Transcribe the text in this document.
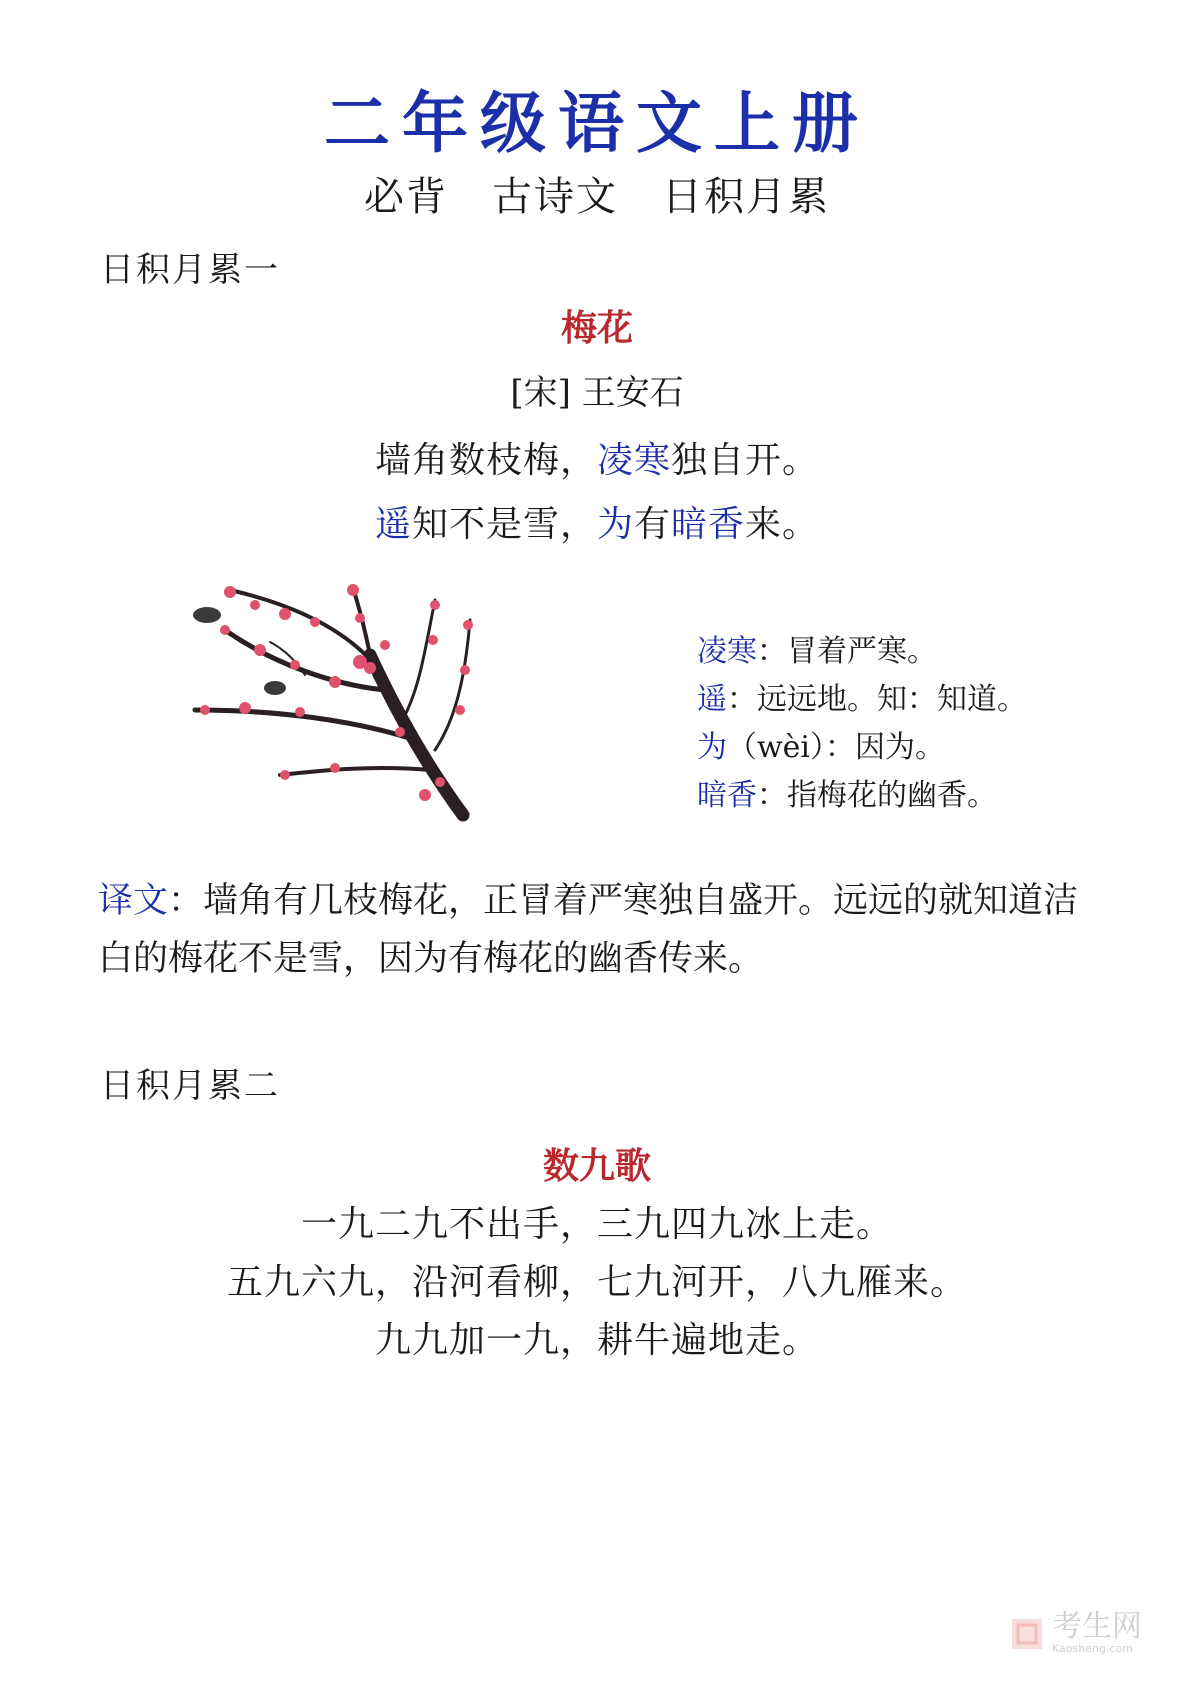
二年级语文上册
必背 古诗文 日积月累
日积月累一
梅花
[宋] 王安石
墙角数枝梅，凌寒独自开。
遥知不是雪，为有暗香来。
凌寒：冒着严寒。
遥：远远地。知：知道。
为（wèi）：因为。
暗香：指梅花的幽香。
译文：墙角有几枝梅花，正冒着严寒独自盛开。远远的就知道洁白的梅花不是雪，因为有梅花的幽香传来。
日积月累二
数九歌
一九二九不出手，三九四九冰上走。
五九六九，沿河看柳，七九河开，八九雁来。
九九加一九，耕牛遍地走。
考生网
Kaosheng.com
